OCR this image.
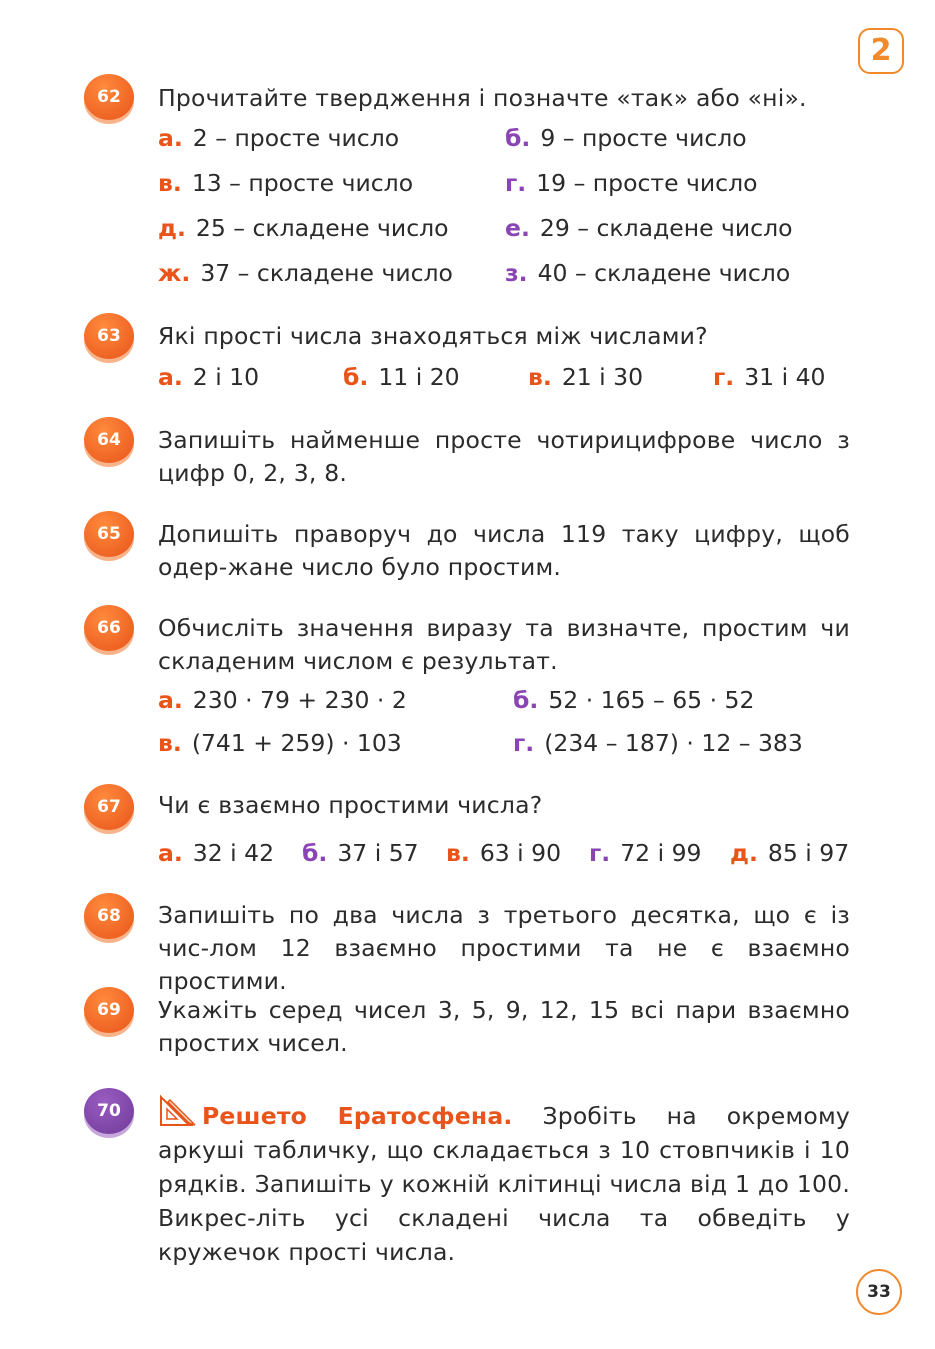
2
62	Прочитайте твердження і позначте «так» або «ні».
а. 2 – просте число	б. 9 – просте число
в. 13 – просте число	г. 19 – просте число
д. 25 – складене число е. 29 – складене число
ж. 37 – складене число з. 40 – складене число
63	Які прості числа знаходяться між числами?
а. 2 і 10	б. 11 і 20	в. 21 і 30	г. 31 і 40
64	Запишіть найменше просте чотирицифрове число з цифр 0, 2, 3, 8.
65	Допишіть праворуч до числа 119 таку цифру, щоб одер-жане число було простим.
66	Обчисліть значення виразу та визначте, простим чи складеним числом є результат.
а. 230 · 79 + 230 · 2	б. 52 · 165 – 65 · 52
в. (741 + 259) · 103	г. (234 – 187) · 12 – 383
67	Чи є взаємно простими числа?
а. 32 і 42 б. 37 і 57 в. 63 і 90 г. 72 і 99 д. 85 і 97
68	Запишіть по два числа з третього десятка, що є із чис-лом 12 взаємно простими та не є взаємно простими.
69	Укажіть серед чисел 3, 5, 9, 12, 15 всі пари взаємно простих чисел.
70	Решето Ератосфена. Зробіть на окремому аркуші табличку, що складається з 10 стовпчиків і 10 рядків. Запишіть у кожній клітинці числа від 1 до 100. Викрес-літь усі складені числа та обведіть у кружечок прості числа.
33
